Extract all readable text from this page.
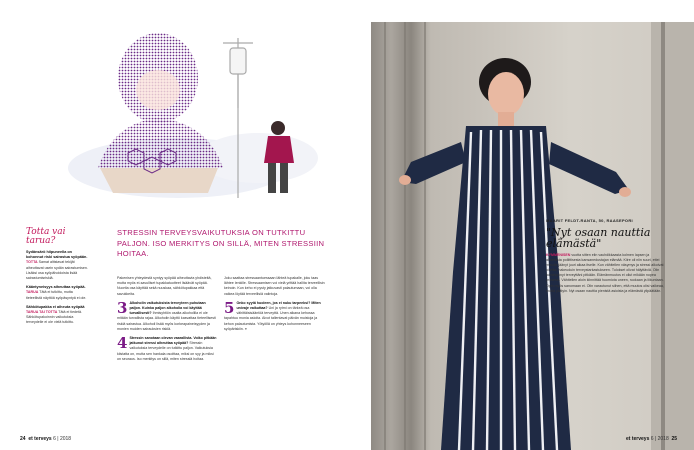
Totta vai tarua?
Sydänsärö hiipuneella on kohonnut riski sairastua syöpään.
TOTTA Samat altistavat tekijät aiheuttavat usein sydän sairastumisen. Lisäksi osa syöpähoidoista lisää sairastumisriskiä.
Kääntyneisyys aiheuttaa syöpää.
TARUA Tätä ei tutkittu, mutta tieteellistä näyttöä syöpäsyntyä ei ole.
Sähkötupakka ei aiheuta syöpää
TARUA TAI TOTTA Tätä ei tiedetä. Sähkötupakoinnin vaikutuksia terveydelle ei ole vielä tutkittu.
STRESSIN TERVEYSVAIKUTUKSIA ON TUTKITTU PALJON. ISO MERKITYS ON SILLÄ, MITEN STRESSIIN HOITAA.

Pakenisen yhteydestä syntyy syöpää aiheuttavia yhdisteitä, mutta myös ei-savulliset tupakkatuotteet lisäävät syöpää. Nuortia osa käyttää sekä nuuskaa, sähkötupakkaa että savukkeita.

3 Alkoholin vaikutuksista terveyteen puhutaan paljon. Kuinka paljon alkoholia voi käyttää turvallisesti? Ihmisyhtiön osalta alkoholilla ei ole mitään turvallista rajaa. Alkoholin käyttö kasvattaa tieteellisesti riskiä sairastua. Alkoholi lisää myös korkeapaineisyyden ja monien muiden sairauksien riskiä.
4 Stressin sanotaan olevan vaarallista. Voiko pitkään jatkunut stressi aiheuttaa syöpää? Stressin vaikutuksia terveydelle on tutkittu paljon. Vaikutuksia kiistatta on, mutta sen hankala osoittaa, miksi on syy ja miksi on seuraus. Iso merkitys on sillä, miten stressiä hoitaa.

Joku saattaa stressaantuessaan lähteä tupakalle, joku taas lähtee lenkille. Stressaamisen voi vielä yrittää hallita terveellisin keinoin. Kun keho ei pysty jatkuvasti palautumaan, voi olla vaikea löytää terveellisiä valintoja.

5 Onko syytä huoleen, jos ei nuku tarpeeksi? Miten univaje vaikuttaa? Uni ja rytmi on tärkeä osa vähittäisisääntöä terveyttä. Unen aikana kehossa tapahtuu monia asioita. Aivot tallentavat päivän muistoja ja kehon palautumista. Yötyöllä on yhteys kohonneeseen syöpäriskiin. »
24 et terveys 6 | 2018
MAARIT FELDT-RANTA, 50, RAASEPORI
"Nyt osaan nauttia elämästä"
KYMMENISEN vuotta sitten elin vauhdikkaasta kolmen lapsen ja ahkerasta poliittisesta kansanedustajan elämää. Kiire oli niin suuri, ettei minulle jäänyt juuri aikaa itselle. Kun vähitellen väsymys ja stressi alkoivat oireilla, hakeuduin terveystarkastukseen. Tulokset olivat hälyttäviä. Olin laiminlyönyt terveyttäni pitkään. Elämänmuutos ei ollut mikään nopea prosessi. Vähitellen aloin kiinnittää huomiota uneen, ruokaan ja liikuntaan. Opin myös sanomaan ei. Olin varautunut siihen, että muutos olisi vaikeaa, mutta yllätyin. Nyt osaan nauttia pienistä asioista ja elämästä ylipäätään.
et terveys 6 | 2018 25
